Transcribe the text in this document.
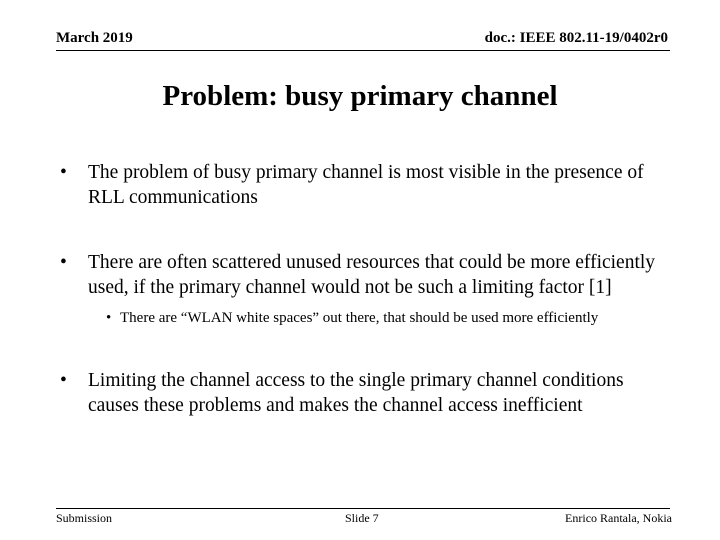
March 2019	doc.: IEEE 802.11-19/0402r0
Problem: busy primary channel
• The problem of busy primary channel is most visible in the presence of RLL communications
• There are often scattered unused resources that could be more efficiently used, if the primary channel would not be such a limiting factor [1]
• There are “WLAN white spaces” out there, that should be used more efficiently
• Limiting the channel access to the single primary channel conditions causes these problems and makes the channel access inefficient
Submission	Slide 7	Enrico Rantala, Nokia
